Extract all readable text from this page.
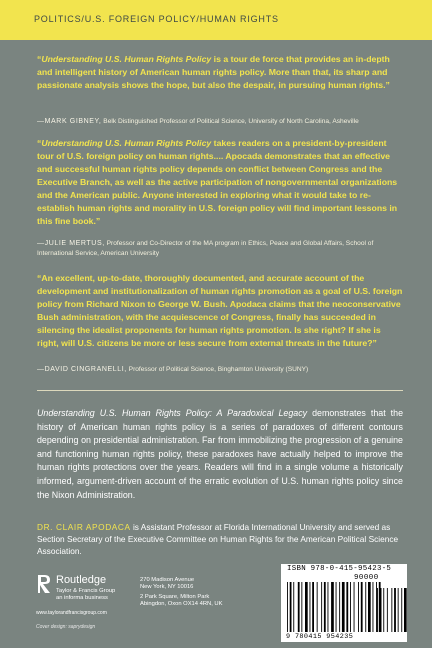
POLITICS/U.S. FOREIGN POLICY/HUMAN RIGHTS
“Understanding U.S. Human Rights Policy is a tour de force that provides an in-depth and intelligent history of American human rights policy. More than that, its sharp and passionate analysis shows the hope, but also the despair, in pursuing human rights.”
—MARK GIBNEY, Belk Distinguished Professor of Political Science, University of North Carolina, Asheville
“Understanding U.S. Human Rights Policy takes readers on a president-by-president tour of U.S. foreign policy on human rights.... Apocada demonstrates that an effective and successful human rights policy depends on conflict between Congress and the Executive Branch, as well as the active participation of nongovernmental organizations and the American public. Anyone interested in exploring what it would take to re-establish human rights and morality in U.S. foreign policy will find important lessons in this fine book.”
—JULIE MERTUS, Professor and Co-Director of the MA program in Ethics, Peace and Global Affairs, School of International Service, American University
“An excellent, up-to-date, thoroughly documented, and accurate account of the development and institutionalization of human rights promotion as a goal of U.S. foreign policy from Richard Nixon to George W. Bush. Apodaca claims that the neoconservative Bush administration, with the acquiescence of Congress, finally has succeeded in silencing the idealist proponents for human rights promotion. Is she right? If she is right, will U.S. citizens be more or less secure from external threats in the future?”
—DAVID CINGRANELLI, Professor of Political Science, Binghamton University (SUNY)
Understanding U.S. Human Rights Policy: A Paradoxical Legacy demonstrates that the history of American human rights policy is a series of paradoxes of different contours depending on presidential administration. Far from immobilizing the progression of a genuine and functioning human rights policy, these paradoxes have actually helped to improve the human rights protections over the years. Readers will find in a single volume a historically informed, argument-driven account of the erratic evolution of U.S. human rights policy since the Nixon Administration.
DR. CLAIR APODACA is Assistant Professor at Florida International University and served as Section Secretary of the Executive Committee on Human Rights for the American Political Science Association.
Routledge
Taylor & Francis Group
an informa business
www.taylorandfrancisgroup.com
270 Madison Avenue
New York, NY 10016
2 Park Square, Milton Park
Abingdon, Oxon OX14 4RN, UK
Cover design: saprydesign
ISBN 978-0-415-95423-5
90000
9 780415 954235
